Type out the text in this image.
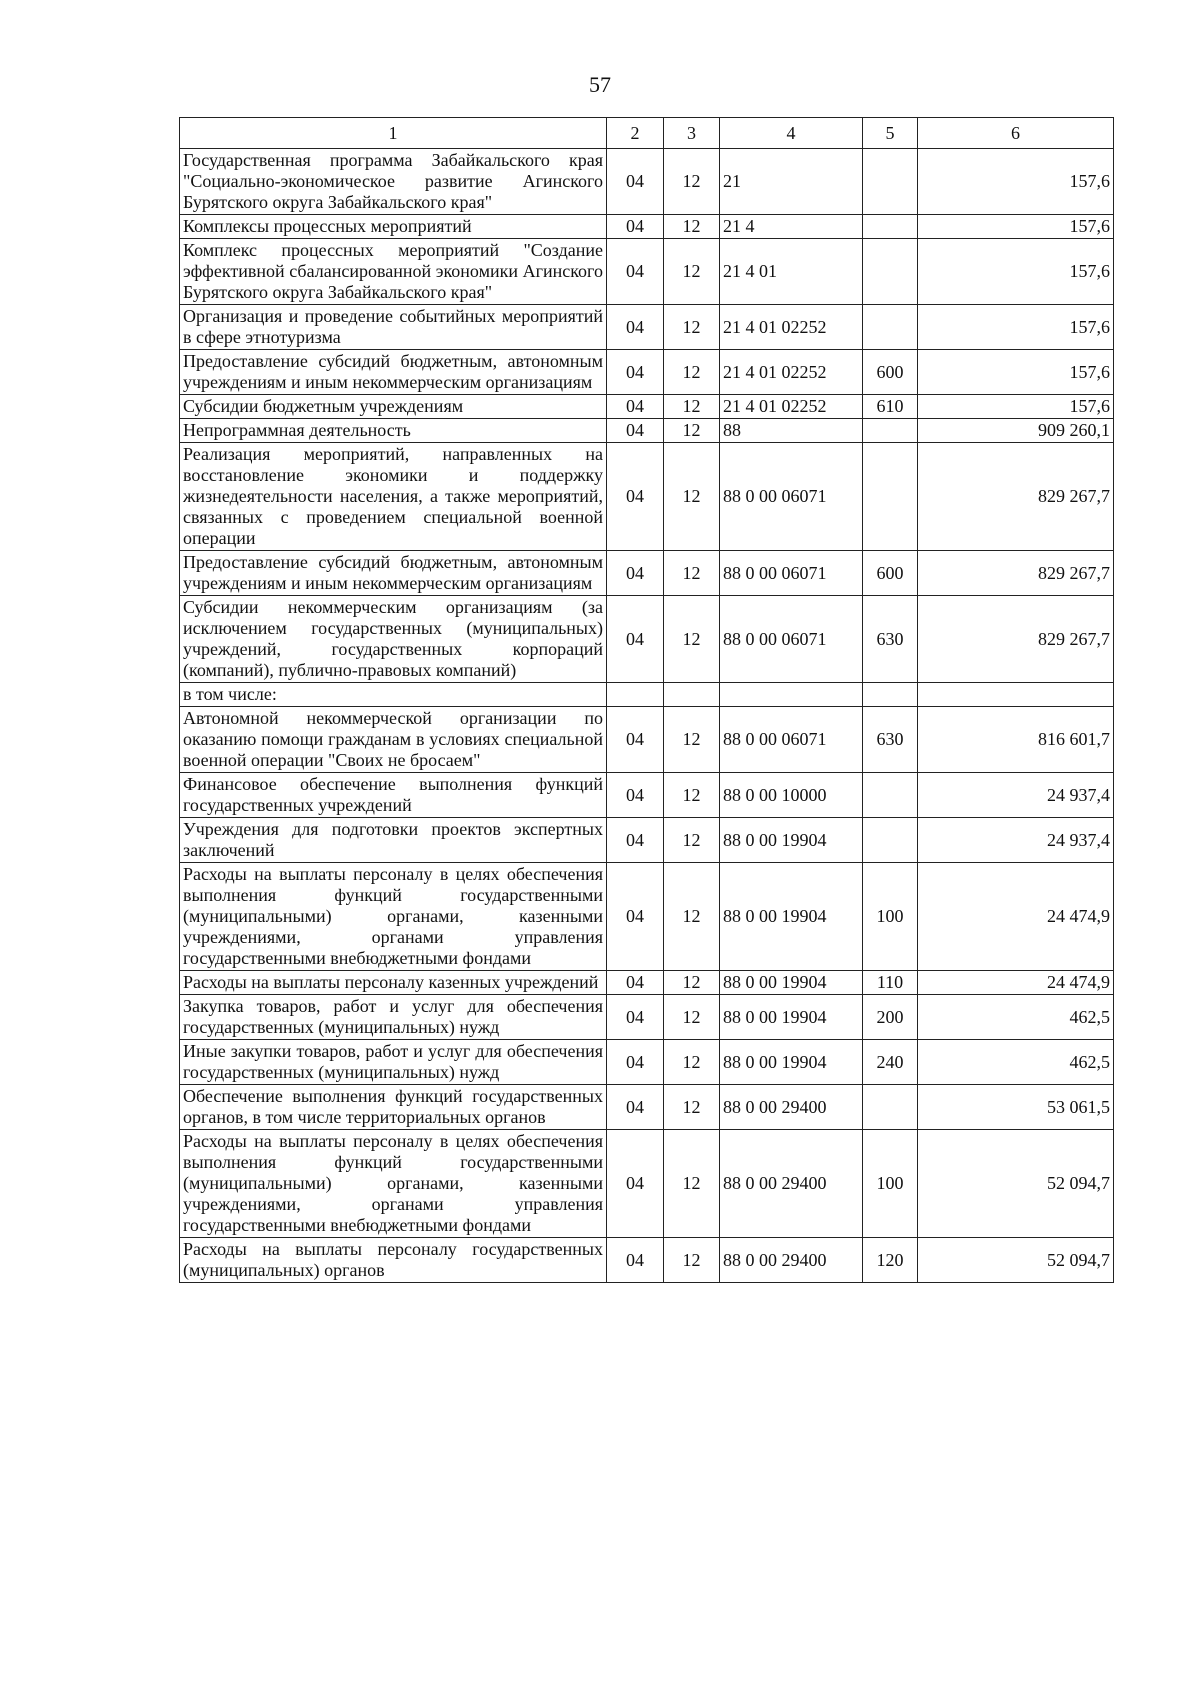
57
1	2	3	4	5	6
Государственная программа Забайкальского края "Социально-экономическое развитие Агинского Бурятского округа Забайкальского края"	04	12	21		157,6
Комплексы процессных мероприятий	04	12	21 4		157,6
Комплекс процессных мероприятий "Создание эффективной сбалансированной экономики Агинского Бурятского округа Забайкальского края"	04	12	21 4 01		157,6
Организация и проведение событийных мероприятий в сфере этнотуризма	04	12	21 4 01 02252		157,6
Предоставление субсидий бюджетным, автономным учреждениям и иным некоммерческим организациям	04	12	21 4 01 02252	600	157,6
Субсидии бюджетным учреждениям	04	12	21 4 01 02252	610	157,6
Непрограммная деятельность	04	12	88		909 260,1
Реализация мероприятий, направленных на восстановление экономики и поддержку жизнедеятельности населения, а также мероприятий, связанных с проведением специальной военной операции	04	12	88 0 00 06071		829 267,7
Предоставление субсидий бюджетным, автономным учреждениям и иным некоммерческим организациям	04	12	88 0 00 06071	600	829 267,7
Субсидии некоммерческим организациям (за исключением государственных (муниципальных) учреждений, государственных корпораций (компаний), публично-правовых компаний)	04	12	88 0 00 06071	630	829 267,7
в том числе:					
Автономной некоммерческой организации по оказанию помощи гражданам в условиях специальной военной операции "Своих не бросаем"	04	12	88 0 00 06071	630	816 601,7
Финансовое обеспечение выполнения функций государственных учреждений	04	12	88 0 00 10000		24 937,4
Учреждения для подготовки проектов экспертных заключений	04	12	88 0 00 19904		24 937,4
Расходы на выплаты персоналу в целях обеспечения выполнения функций государственными (муниципальными) органами, казенными учреждениями, органами управления государственными внебюджетными фондами	04	12	88 0 00 19904	100	24 474,9
Расходы на выплаты персоналу казенных учреждений	04	12	88 0 00 19904	110	24 474,9
Закупка товаров, работ и услуг для обеспечения государственных (муниципальных) нужд	04	12	88 0 00 19904	200	462,5
Иные закупки товаров, работ и услуг для обеспечения государственных (муниципальных) нужд	04	12	88 0 00 19904	240	462,5
Обеспечение выполнения функций государственных органов, в том числе территориальных органов	04	12	88 0 00 29400		53 061,5
Расходы на выплаты персоналу в целях обеспечения выполнения функций государственными (муниципальными) органами, казенными учреждениями, органами управления государственными внебюджетными фондами	04	12	88 0 00 29400	100	52 094,7
Расходы на выплаты персоналу государственных (муниципальных) органов	04	12	88 0 00 29400	120	52 094,7
